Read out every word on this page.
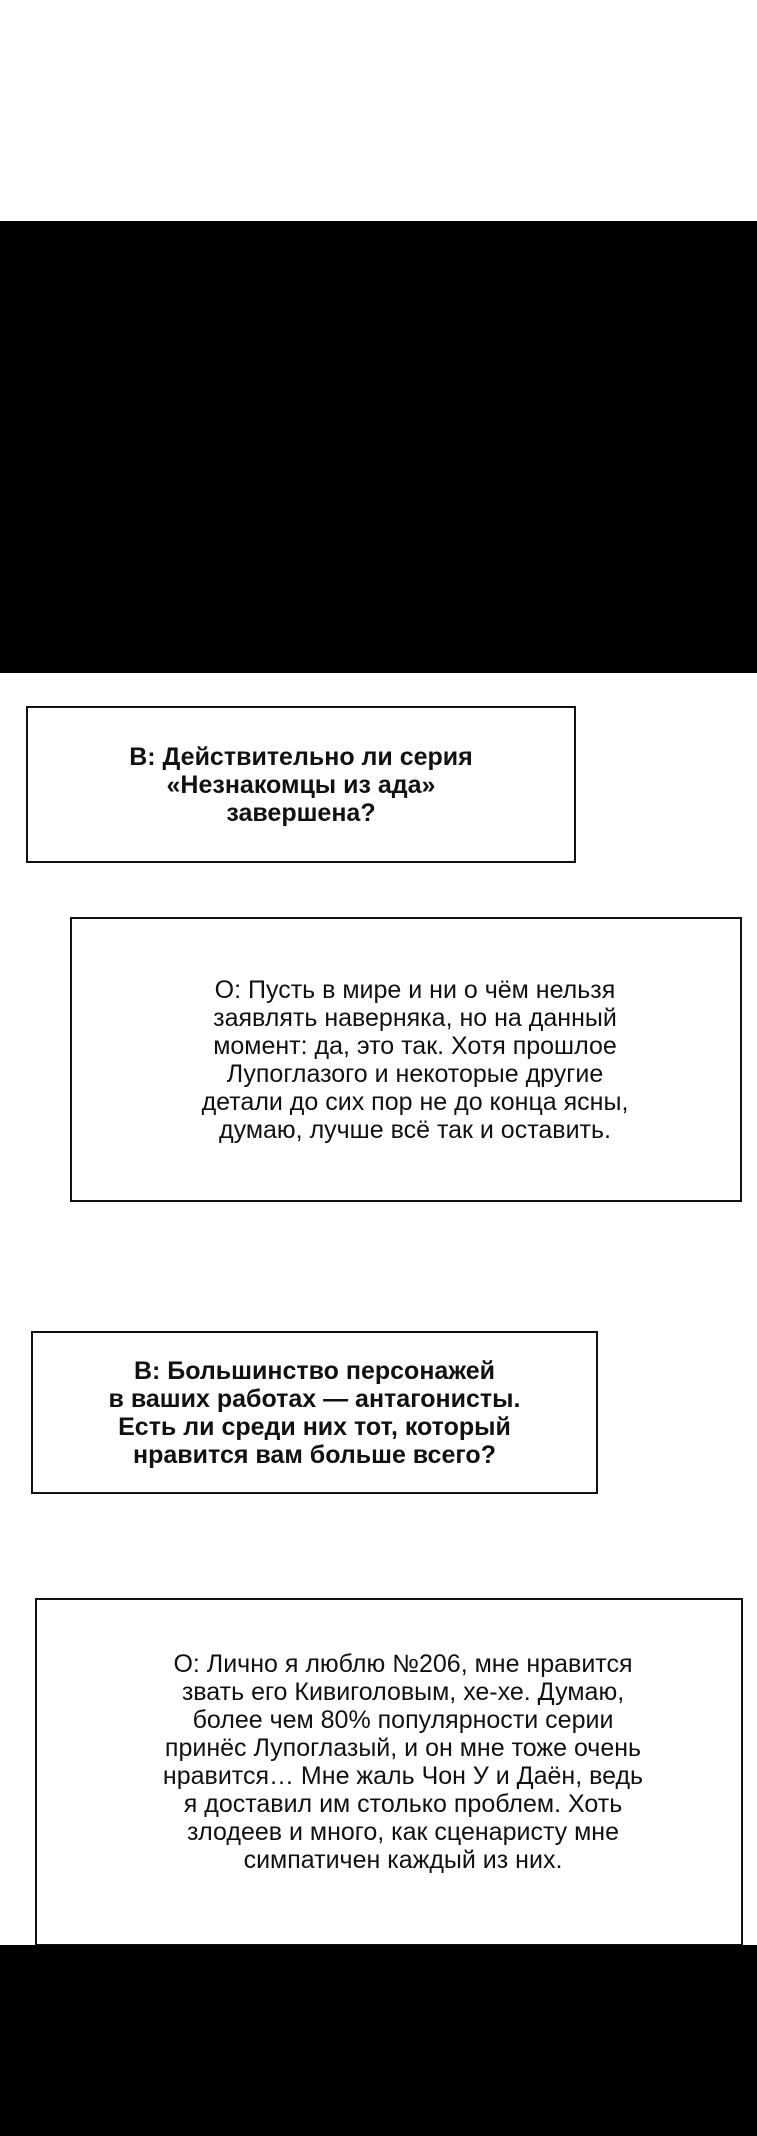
В: Действительно ли серия
«Незнакомцы из ада»
завершена?

О: Пусть в мире и ни о чём нельзя
заявлять наверняка, но на данный
момент: да, это так. Хотя прошлое
Лупоглазого и некоторые другие
детали до сих пор не до конца ясны,
думаю, лучше всё так и оставить.

В: Большинство персонажей
в ваших работах — антагонисты.
Есть ли среди них тот, который
нравится вам больше всего?

О: Лично я люблю №206, мне нравится
звать его Кивиголовым, хе-хе. Думаю,
более чем 80% популярности серии
принёс Лупоглазый, и он мне тоже очень
нравится… Мне жаль Чон У и Даён, ведь
я доставил им столько проблем. Хоть
злодеев и много, как сценаристу мне
симпатичен каждый из них.
